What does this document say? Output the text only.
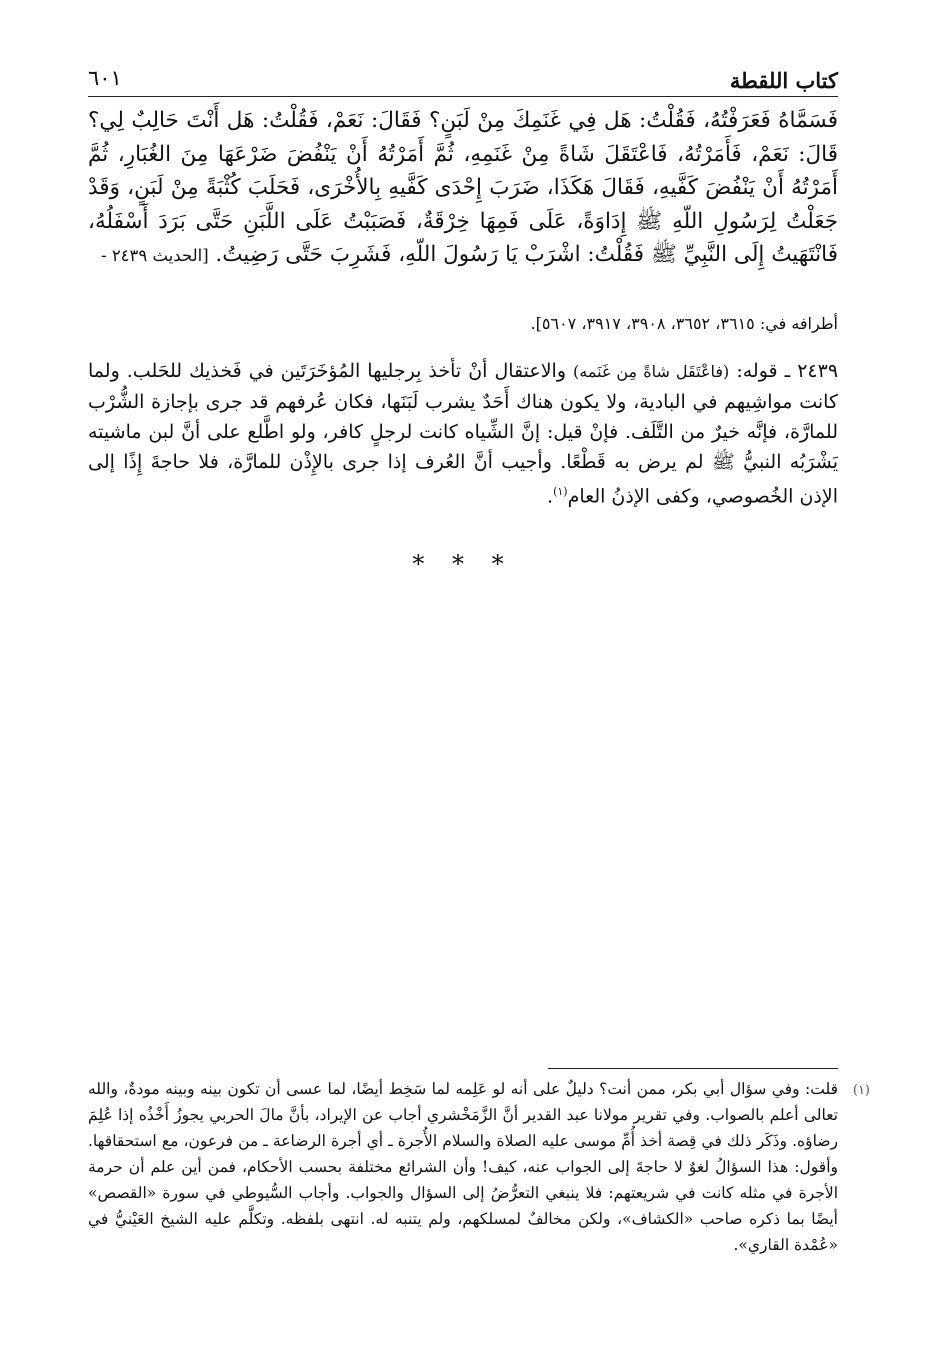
كتاب اللقطة
٦٠١
فَسَمَّاهُ فَعَرَفْتُهُ، فَقُلْتُ: هَل فِي غَنَمِكَ مِنْ لَبَنٍ؟ فَقَالَ: نَعَمْ، فَقُلْتُ: هَل أَنْتَ حَالِبٌ لِي؟ قَالَ: نَعَمْ، فَأَمَرْتُهُ، فَاعْتَقَلَ شَاةً مِنْ غَنَمِهِ، ثُمَّ أَمَرْتُهُ أَنْ يَنْفُضَ ضَرْعَهَا مِنَ الغُبَارِ، ثُمَّ أَمَرْتُهُ أَنْ يَنْفُضَ كَفَّيهِ، فَقَالَ هَكَذَا، ضَرَبَ إِحْدَى كَفَّيهِ بِالأُخْرَى، فَحَلَبَ كُثْبَةً مِنْ لَبَنٍ، وَقَدْ جَعَلْتُ لِرَسُولِ اللّهِ ﷺ إِدَاوَةً، عَلَى فَمِهَا خِرْقَةٌ، فَصَبَبْتُ عَلَى اللَّبَنِ حَتَّى بَرَدَ أَسْفَلُهُ، فَانْتَهَيتُ إِلَى النَّبِيِّ ﷺ فَقُلْتُ: اشْرَبْ يَا رَسُولَ اللّهِ، فَشَرِبَ حَتَّى رَضِيتُ. [الحديث ٢٤٣٩ -
أطرافه في: ٣٦١٥، ٣٦٥٢، ٣٩٠٨، ٣٩١٧، ٥٦٠٧].
٢٤٣٩ ـ قوله: (فاعْتَقَل شاةً مِن غَنَمه) والاعتقال أنْ تأخذ بِرجليها المُؤخَرَتَين في فَخذيك للحَلب. ولما كانت مواشِيهم في البادية، ولا يكون هناك أَحَدٌ يشرب لَبَنَها، فكان عُرفهم قد جرى بإجازة الشُّرْب للمارَّة، فإنَّه خيرٌ من التَّلَف. فإنْ قيل: إنَّ الشِّياه كانت لرجلٍ كافر، ولو اطَّلع على أنَّ لبن ماشيته يَشْرَبُه النبيُّ ﷺ لم يرض به قَطْعًا. وأجيب أنَّ العُرف إذا جرى بالإِذْن للمارَّة، فلا حاجةَ إِذًا إلى الإذن الخُصوصي، وكفى الإذنُ العام$^{(١)}$.
* * *
(١)
قلت: وفي سؤال أبي بكر، ممن أنت؟ دليلٌ على أنه لو عَلِمه لما سَخِط أيضًا، لما عسى أن تكون بينه وبينه مودةٌ، والله تعالى أعلم بالصواب. وفي تقرير مولانا عبد القدير أنَّ الزَّمَخْشري أجاب عن الإيراد، بأنَّ مالَ الحربي يجوزُ أَخْذُه إذا عُلِمَ رضاؤه. وذَكَر ذلك في قِصة أخذ أُمِّ موسى عليه الصلاة والسلام الأُجرة ـ أي أجرة الرضاعة ـ من فرعون، مع استحقاقها. وأقول: هذا السؤالُ لغوٌ لا حاجةَ إلى الجواب عنه، كيف! وأن الشرائع مختلفة بحسب الأحكام، فمن أين علم أن حرمة الأجرة في مثله كانت في شريعتهم: فلا ينبغي التعرُّضُ إلى السؤال والجواب. وأجاب السُّيوطي في سورة «القصص» أيضًا بما ذكره صاحب «الكشاف»، ولكن مخالفٌ لمسلكهم، ولم يتنبه له. انتهى بلفظه. وتكلَّم عليه الشيخ العَيْنيُّ في «عُمْدة القاري».
